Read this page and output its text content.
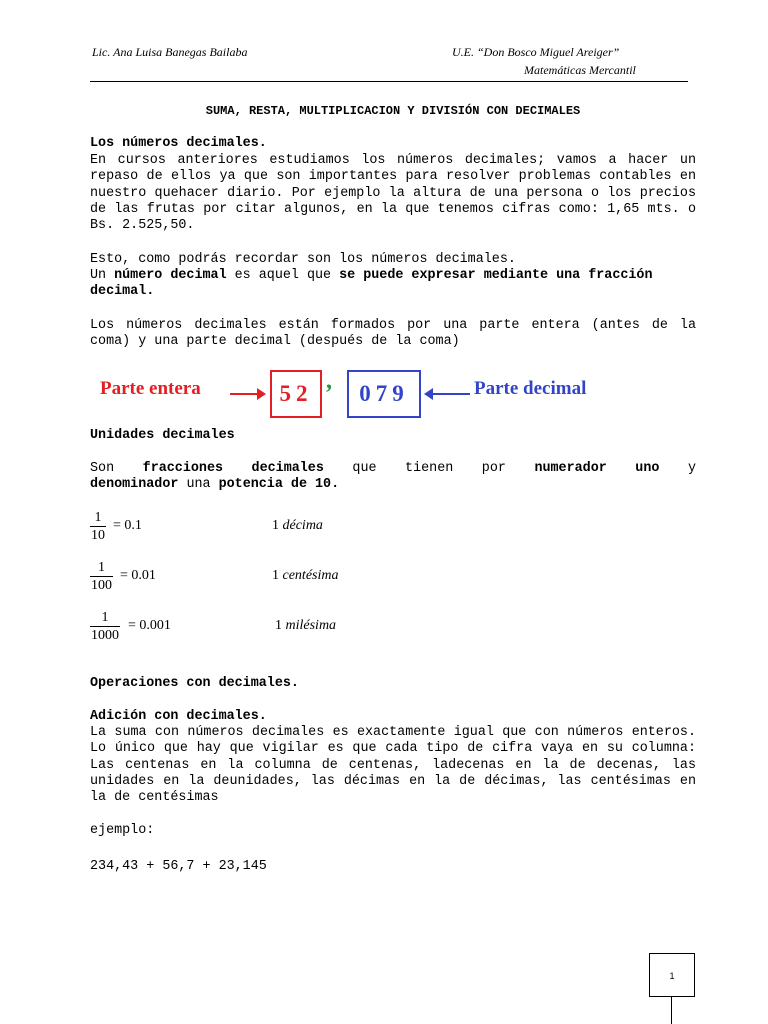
Lic. Ana Luisa Banegas Bailaba	U.E. “Don Bosco Miguel Areiger”
Matemáticas Mercantil
SUMA, RESTA, MULTIPLICACION Y DIVISIÓN CON DECIMALES
Los números decimales.

En cursos anteriores estudiamos los números decimales; vamos a hacer un repaso de ellos ya que son importantes para resolver problemas contables en nuestro quehacer diario. Por ejemplo la altura de una persona o los precios de las frutas por citar algunos, en la que tenemos cifras como: 1,65 mts. o Bs. 2.525,50.

Esto, como podrás recordar son los números decimales.

Un número decimal es aquel que se puede expresar mediante una fracción
decimal.

Los números decimales están formados por una parte entera (antes de la coma) y una parte decimal (después de la coma)

Parte entera	52 ,	079	Parte decimal
Unidades decimales

Son fracciones decimales que tienen por numerador uno y

denominador una potencia de 10.

$\frac{1}{10} = 0.1$	1 décima
$\frac{1}{100} = 0.01$	1 centésima
$\frac{1}{1000} = 0.001$	1 milésima
Operaciones con decimales.
Adición con decimales.

La suma con números decimales es exactamente igual que con números enteros. Lo único que hay que vigilar es que cada tipo de cifra vaya en su columna: Las centenas en la columna de centenas, ladecenas en la de decenas, las unidades en la deunidades, las décimas en la de décimas, las centésimas en la de centésimas

ejemplo:

234,43 + 56,7 + 23,145

1
